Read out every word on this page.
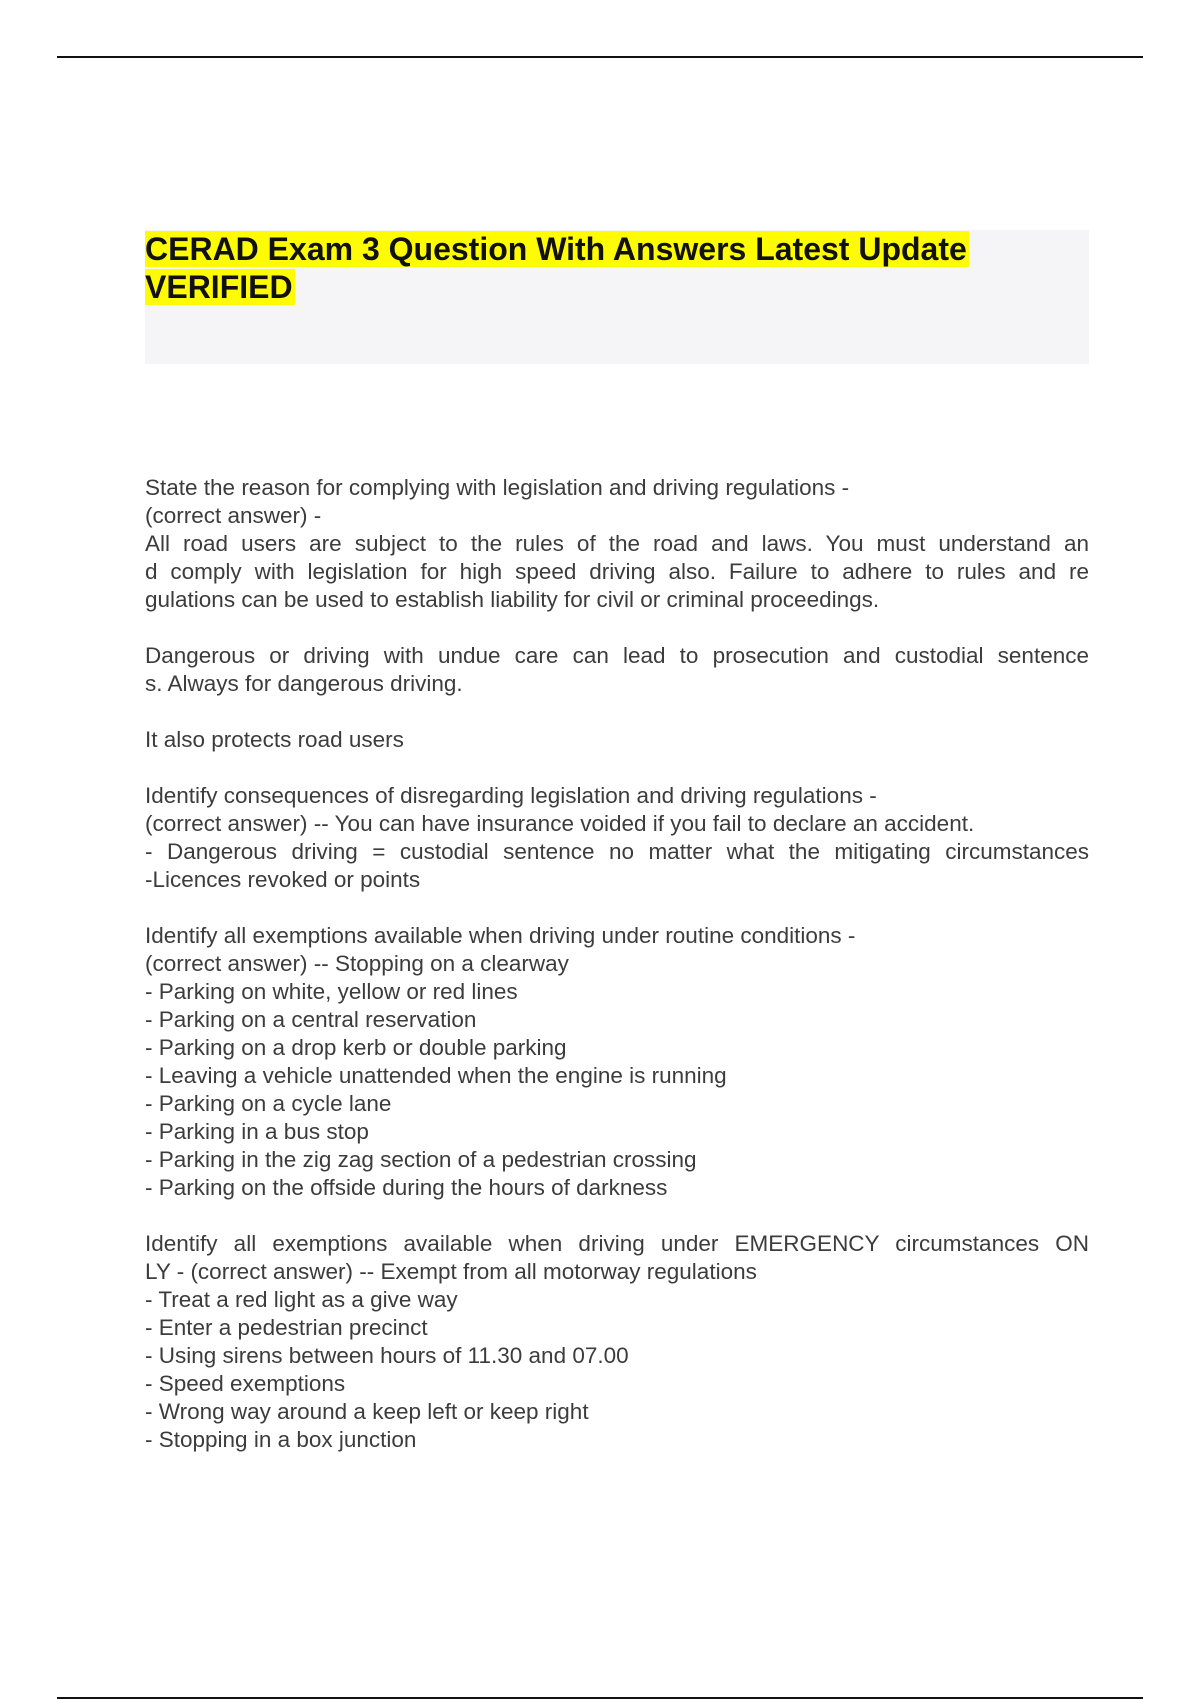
CERAD Exam 3 Question With Answers Latest Update
VERIFIED
State the reason for complying with legislation and driving regulations -
(correct answer) -
All road users are subject to the rules of the road and laws. You must understand an
d comply with legislation for high speed driving also. Failure to adhere to rules and re
gulations can be used to establish liability for civil or criminal proceedings.
Dangerous or driving with undue care can lead to prosecution and custodial sentence
s. Always for dangerous driving.
It also protects road users
Identify consequences of disregarding legislation and driving regulations -
(correct answer) -- You can have insurance voided if you fail to declare an accident.
- Dangerous driving = custodial sentence no matter what the mitigating circumstances
-Licences revoked or points
Identify all exemptions available when driving under routine conditions -
(correct answer) -- Stopping on a clearway
- Parking on white, yellow or red lines
- Parking on a central reservation
- Parking on a drop kerb or double parking
- Leaving a vehicle unattended when the engine is running
- Parking on a cycle lane
- Parking in a bus stop
- Parking in the zig zag section of a pedestrian crossing
- Parking on the offside during the hours of darkness
Identify all exemptions available when driving under EMERGENCY circumstances ON
LY - (correct answer) -- Exempt from all motorway regulations
- Treat a red light as a give way
- Enter a pedestrian precinct
- Using sirens between hours of 11.30 and 07.00
- Speed exemptions
- Wrong way around a keep left or keep right
- Stopping in a box junction
